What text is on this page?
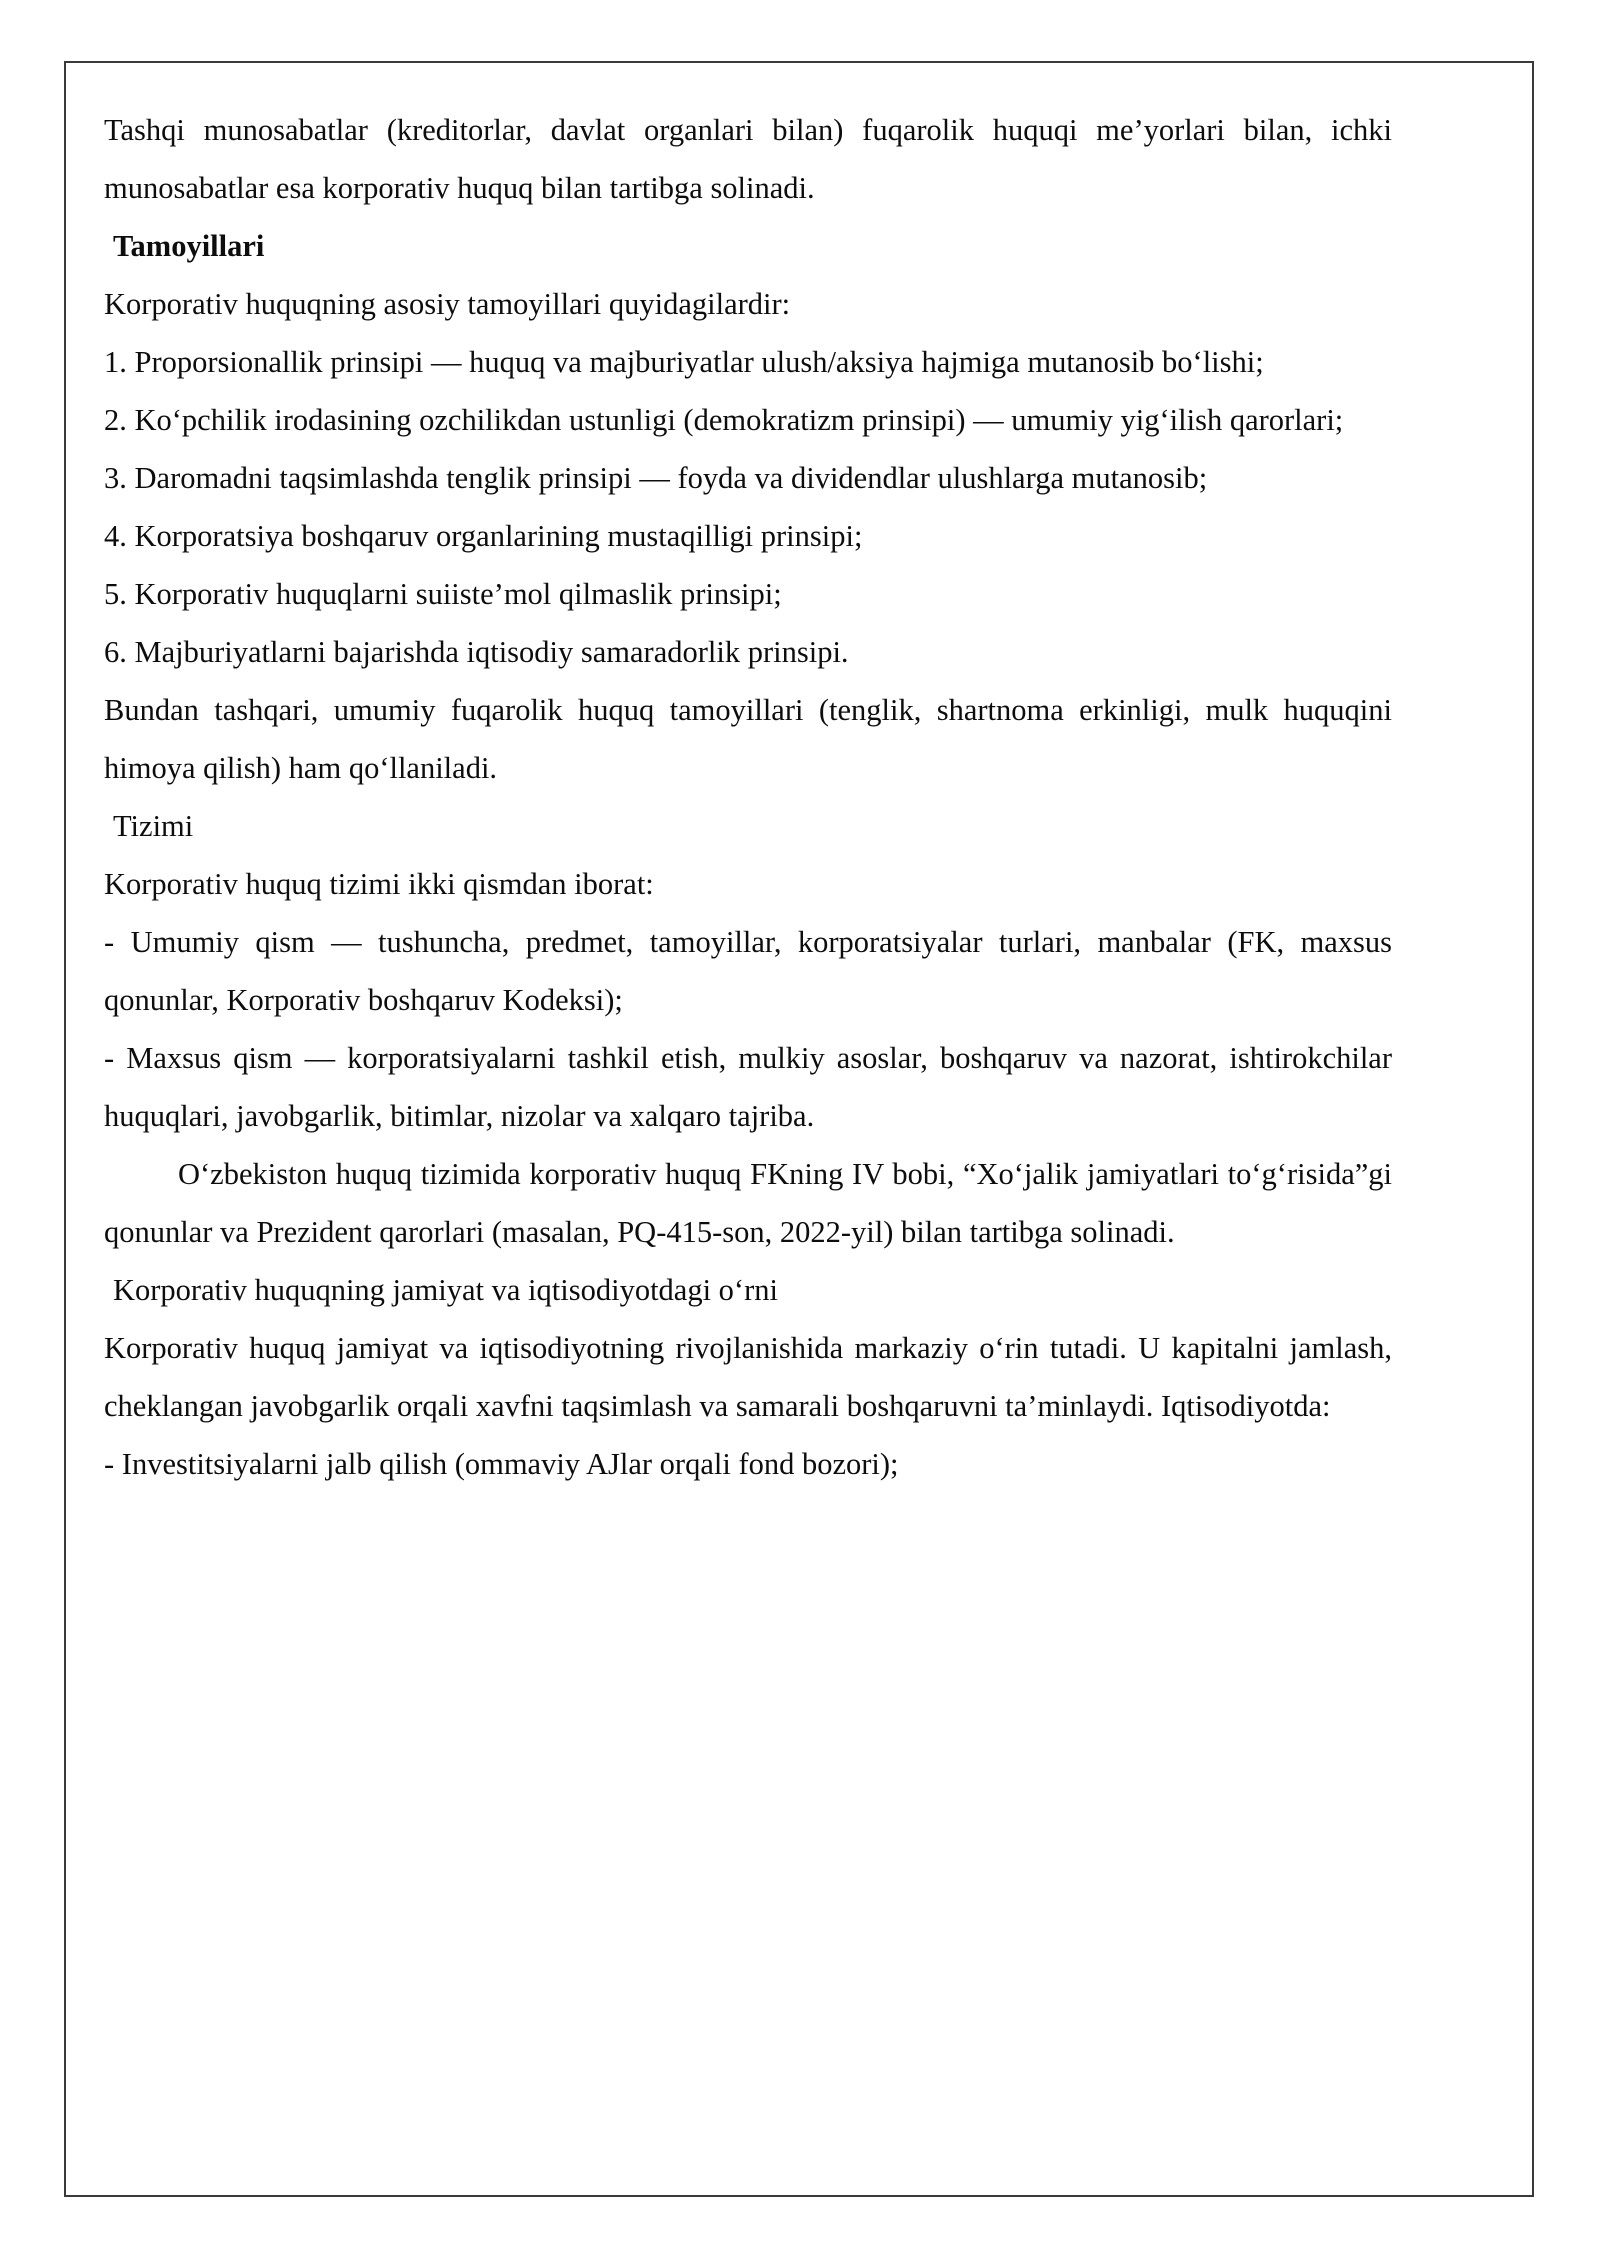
Tashqi munosabatlar (kreditorlar, davlat organlari bilan) fuqarolik huquqi me’yorlari bilan, ichki munosabatlar esa korporativ huquq bilan tartibga solinadi.

Tamoyillari

Korporativ huquqning asosiy tamoyillari quyidagilardir:

1. Proporsionallik prinsipi — huquq va majburiyatlar ulush/aksiya hajmiga mutanosib bo‘lishi;

2. Ko‘pchilik irodasining ozchilikdan ustunligi (demokratizm prinsipi) — umumiy yig‘ilish qarorlari;

3. Daromadni taqsimlashda tenglik prinsipi — foyda va dividendlar ulushlarga mutanosib;

4. Korporatsiya boshqaruv organlarining mustaqilligi prinsipi;

5. Korporativ huquqlarni suiiste’mol qilmaslik prinsipi;

6. Majburiyatlarni bajarishda iqtisodiy samaradorlik prinsipi.

Bundan tashqari, umumiy fuqarolik huquq tamoyillari (tenglik, shartnoma erkinligi, mulk huquqini himoya qilish) ham qo‘llaniladi.

Tizimi

Korporativ huquq tizimi ikki qismdan iborat:

- Umumiy qism — tushuncha, predmet, tamoyillar, korporatsiyalar turlari, manbalar (FK, maxsus qonunlar, Korporativ boshqaruv Kodeksi);

- Maxsus qism — korporatsiyalarni tashkil etish, mulkiy asoslar, boshqaruv va nazorat, ishtirokchilar huquqlari, javobgarlik, bitimlar, nizolar va xalqaro tajriba.

O‘zbekiston huquq tizimida korporativ huquq FKning IV bobi, “Xo‘jalik jamiyatlari to‘g‘risida”gi qonunlar va Prezident qarorlari (masalan, PQ-415-son, 2022-yil) bilan tartibga solinadi.

Korporativ huquqning jamiyat va iqtisodiyotdagi o‘rni

Korporativ huquq jamiyat va iqtisodiyotning rivojlanishida markaziy o‘rin tutadi. U kapitalni jamlash, cheklangan javobgarlik orqali xavfni taqsimlash va samarali boshqaruvni ta’minlaydi. Iqtisodiyotda:

- Investitsiyalarni jalb qilish (ommaviy AJlar orqali fond bozori);
